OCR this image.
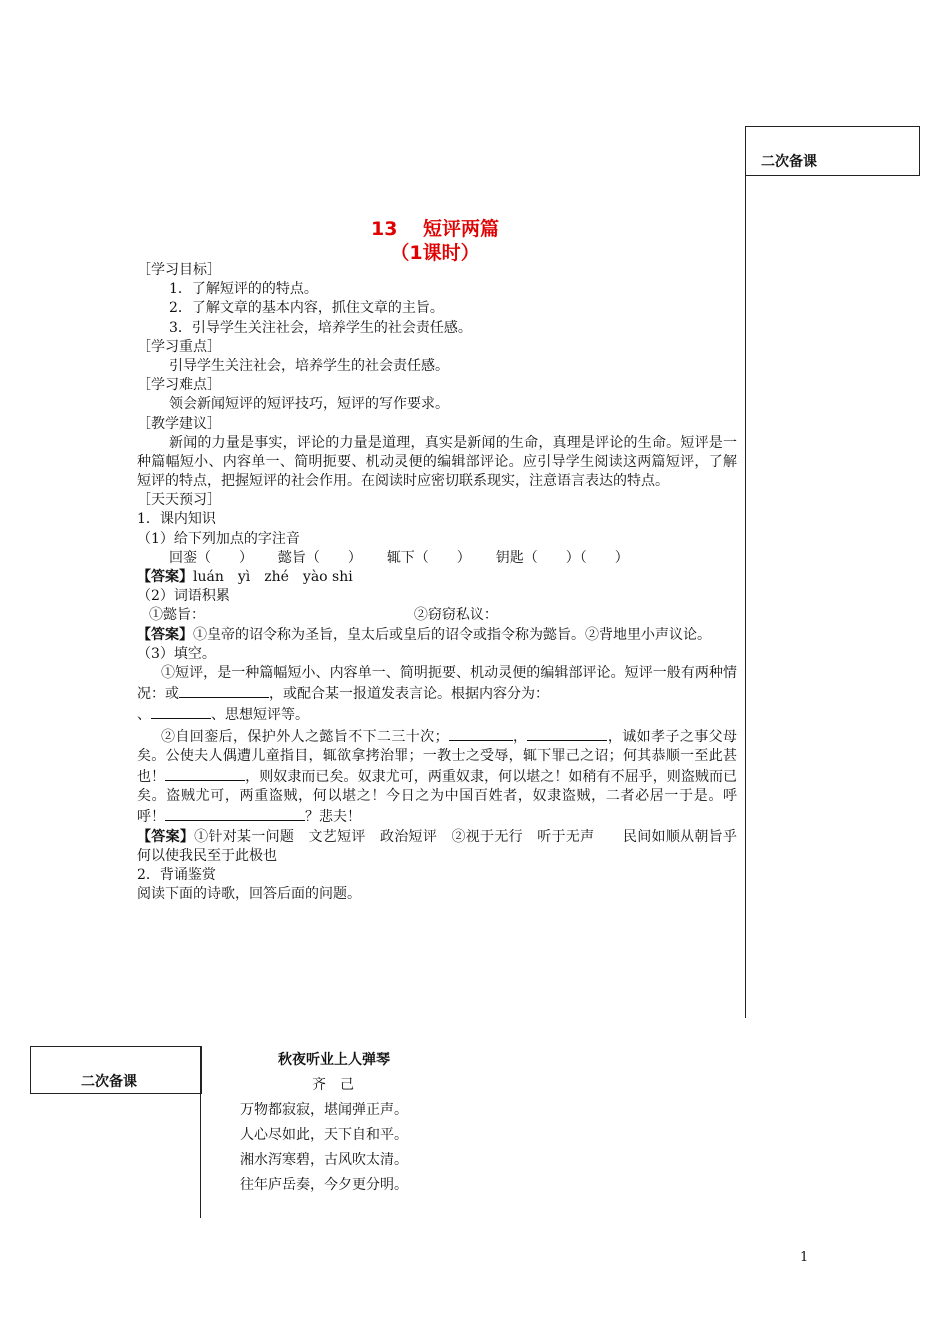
二次备课
13　 短评两篇
（1课时）
［学习目标］
1．了解短评的的特点。
2．了解文章的基本内容，抓住文章的主旨。
3．引导学生关注社会，培养学生的社会责任感。
［学习重点］
引导学生关注社会，培养学生的社会责任感。
［学习难点］
领会新闻短评的短评技巧，短评的写作要求。
［教学建议］
新闻的力量是事实，评论的力量是道理，真实是新闻的生命，真理是评论的生命。短评是一种篇幅短小、内容单一、简明扼要、机动灵便的编辑部评论。应引导学生阅读这两篇短评，了解短评的特点，把握短评的社会作用。在阅读时应密切联系现实，注意语言表达的特点。
［天天预习］
1．课内知识
（1）给下列加点的字注音
回銮（　　） 懿旨（　　） 辄下（　　） 钥匙（　　）（　　）
【答案】luán　yì　zhé　yào shi
（2）词语积累
①懿旨：	②窃窃私议：
【答案】①皇帝的诏令称为圣旨，皇太后或皇后的诏令或指令称为懿旨。②背地里小声议论。
（3）填空。
①短评，是一种篇幅短小、内容单一、简明扼要、机动灵便的编辑部评论。短评一般有两种情况：或	，或配合某一报道发表言论。根据内容分为：
、	、思想短评等。
②自回銮后，保护外人之懿旨不下二三十次；	，	，诚如孝子之事父母矣。公使夫人偶遭儿童指目，辄欲拿拷治罪；一教士之受辱，辄下罪己之诏；何其恭顺一至此甚也！	，则奴隶而已矣。奴隶尤可，两重奴隶，何以堪之！如稍有不屈乎，则盗贼而已矣。盗贼尤可，两重盗贼，何以堪之！今日之为中国百姓者，奴隶盗贼，二者必居一于是。呼呼！	？悲夫！
【答案】①针对某一问题　文艺短评　政治短评　②视于无行　听于无声　　民间如顺从朝旨乎　　何以使我民至于此极也
2．背诵鉴赏
阅读下面的诗歌，回答后面的问题。
二次备课
秋夜听业上人弹琴
齐　己
万物都寂寂，堪闻弹正声。
人心尽如此，天下自和平。
湘水泻寒碧，古风吹太清。
往年庐岳奏，今夕更分明。
1
